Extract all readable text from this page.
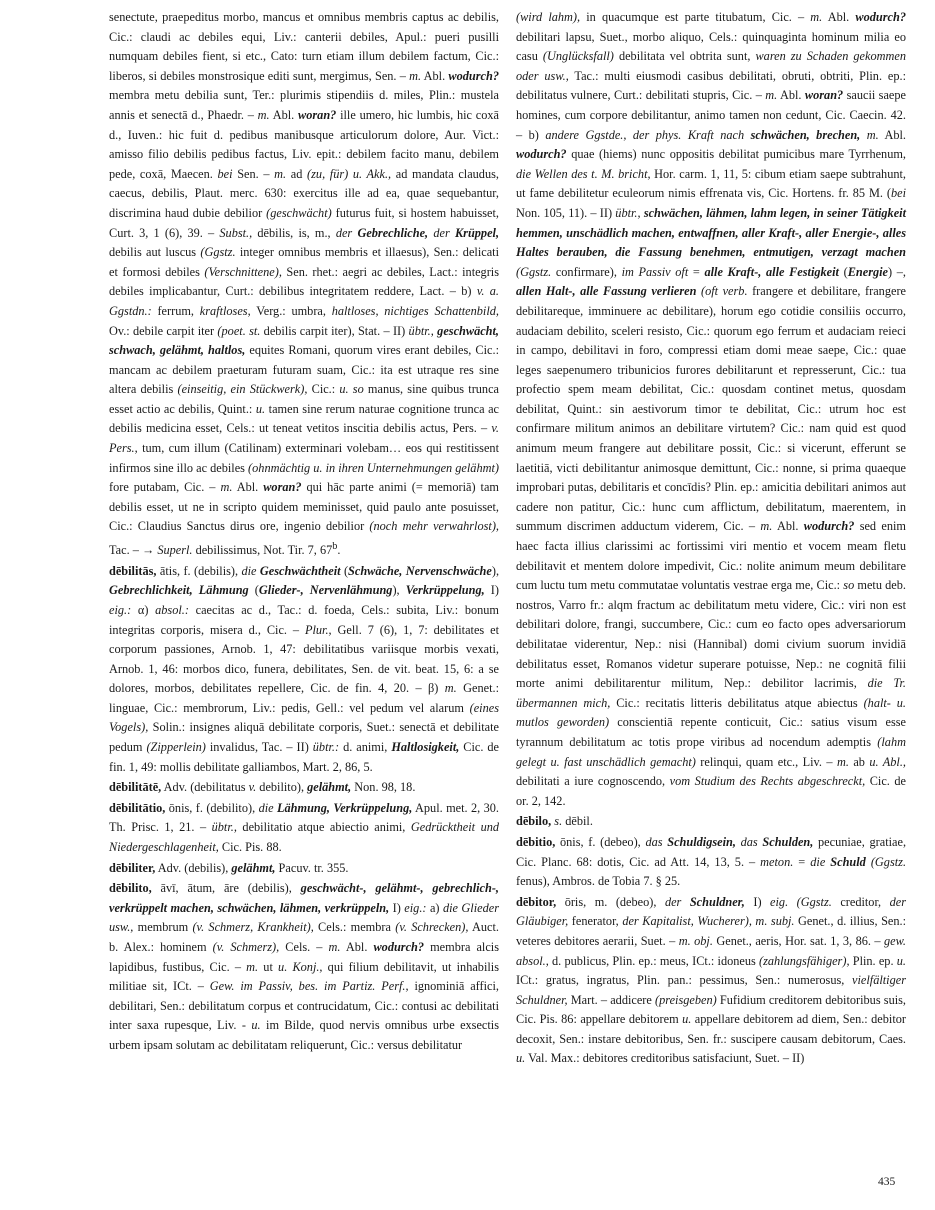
senectute, praepeditus morbo, mancus et omnibus membris captus ac debilis, Cic.: claudi ac debiles equi, Liv.: canterii debiles, Apul.: pueri pusilli numquam debiles fient, si etc., Cato: turn etiam illum debilem factum, Cic.: liberos, si debiles monstrosique editi sunt, mergimus, Sen. – m. Abl. wodurch? membra metu debilia sunt, Ter.: plurimis stipendiis d. miles, Plin.: mustela annis et senectā d., Phaedr. – m. Abl. woran? ille umero, hic lumbis, hic coxā d., Iuven.: hic fuit d. pedibus manibusque articulorum dolore, Aur. Vict.: amisso filio debilis pedibus factus, Liv. epit.: debilem facito manu, debilem pede, coxā, Maecen. bei Sen. – m. ad (zu, für) u. Akk., ad mandata claudus, caecus, debilis, Plaut. merc. 630: exercitus ille ad ea, quae sequebantur, discrimina haud dubie debilior (geschwächt) futurus fuit, si hostem habuisset, Curt. 3, 1 (6), 39. – Subst., dēbilis, is, m., der Gebrechliche, der Krüppel, debilis aut luscus (Ggstz. integer omnibus membris et illaesus), Sen.: delicati et formosi debiles (Verschnittene), Sen. rhet.: aegri ac debiles, Lact.: integris debiles implicabantur, Curt.: debilibus integritatem reddere, Lact. – b) v. a. Ggstdn.: ferrum, kraftloses, Verg.: umbra, haltloses, nichtiges Schattenbild, Ov.: debile carpit iter (poet. st. debilis carpit iter), Stat. – II) übtr., geschwächt, schwach, gelähmt, haltlos, equites Romani, quorum vires erant debiles, Cic.: mancam ac debilem praeturam futuram suam, Cic.: ita est utraque res sine altera debilis (einseitig, ein Stückwerk), Cic.: u. so manus, sine quibus trunca esset actio ac debilis, Quint.: u. tamen sine rerum naturae cognitione trunca ac debilis medicina esset, Cels.: ut teneat vetitos inscitia debilis actus, Pers. – v. Pers., tum, cum illum (Catilinam) exterminari volebam… eos qui restitissent infirmos sine illo ac debiles (ohnmächtig u. in ihren Unternehmungen gelähmt) fore putabam, Cic. – m. Abl. woran? qui hāc parte animi (= memoriā) tam debilis esset, ut ne in scripto quidem meminisset, quid paulo ante posuisset, Cic.: Claudius Sanctus dirus ore, ingenio debilior (noch mehr verwahrlost), Tac. – → Superl. debilissimus, Not. Tir. 7, 67$^b$.
dēbilitās, ātis, f. (debilis), die Geschwächtheit (Schwäche, Nervenschwäche), Gebrechlichkeit, Lähmung (Glieder-, Nervenlähmung), Verkrüppelung, I) eig.: α) absol.: caecitas ac d., Tac.: d. foeda, Cels.: subita, Liv.: bonum integritas corporis, misera d., Cic. – Plur., Gell. 7 (6), 1, 7: debilitates et corporum passiones, Arnob. 1, 47: debilitatibus variisque morbis vexati, Arnob. 1, 46: morbos dico, funera, debilitates, Sen. de vit. beat. 15, 6: a se dolores, morbos, debilitates repellere, Cic. de fin. 4, 20. – β) m. Genet.: linguae, Cic.: membrorum, Liv.: pedis, Gell.: vel pedum vel alarum (eines Vogels), Solin.: insignes aliquā debilitate corporis, Suet.: senectā et debilitate pedum (Zipperlein) invalidus, Tac. – II) übtr.: d. animi, Haltlosigkeit, Cic. de fin. 1, 49: mollis debilitate galliambos, Mart. 2, 86, 5.
dēbilitātē, Adv. (debilitatus v. debilito), gelähmt, Non. 98, 18.
dēbilitātio, ōnis, f. (debilito), die Lähmung, Verkrüppelung, Apul. met. 2, 30. Th. Prisc. 1, 21. – übtr., debilitatio atque abiectio animi, Gedrücktheit und Niedergeschlagenheit, Cic. Pis. 88.
dēbiliter, Adv. (debilis), gelähmt, Pacuv. tr. 355.
dēbilito, āvī, ātum, āre (debilis), geschwächt-, gelähmt-, gebrechlich-, verkrüppelt machen, schwächen, lähmen, verkrüppeln, I) eig.: a) die Glieder usw., membrum (v. Schmerz, Krankheit), Cels.: membra (v. Schrecken), Auct. b. Alex.: hominem (v. Schmerz), Cels. – m. Abl. wodurch? membra alcis lapidibus, fustibus, Cic. – m. ut u. Konj., qui filium debilitavit, ut inhabilis militiae sit, ICt. – Gew. im Passiv, bes. im Partiz. Perf., ignominiā affici, debilitari, Sen.: debilitatum corpus et contrucidatum, Cic.: contusi ac debilitati inter saxa rupesque, Liv. - u. im Bilde, quod nervis omnibus urbe exsectis urbem ipsam solutam ac debilitatam reliquerunt, Cic.: versus debilitatur
(wird lahm), in quacumque est parte titubatum, Cic. – m. Abl. wodurch? debilitari lapsu, Suet., morbo aliquo, Cels.: quinquaginta hominum milia eo casu (Unglücksfall) debilitata vel obtrita sunt, waren zu Schaden gekommen oder usw., Tac.: multi eiusmodi casibus debilitati, obruti, obtriti, Plin. ep.: debilitatus vulnere, Curt.: debilitati stupris, Cic. – m. Abl. woran? saucii saepe homines, cum corpore debilitantur, animo tamen non cedunt, Cic. Caecin. 42. – b) andere Ggstde., der phys. Kraft nach schwächen, brechen, m. Abl. wodurch? quae (hiems) nunc oppositis debilitat pumicibus mare Tyrrhenum, die Wellen des t. M. bricht, Hor. carm. 1, 11, 5: cibum etiam saepe subtrahunt, ut fame debilitetur eculeorum nimis effrenata vis, Cic. Hortens. fr. 85 M. (bei Non. 105, 11). – II) übtr., schwächen, lähmen, lahm legen, in seiner Tätigkeit hemmen, unschädlich machen, entwaffnen, aller Kraft-, aller Energie-, alles Haltes berauben, die Fassung benehmen, entmutigen, verzagt machen (Ggstz. confirmare), im Passiv oft = alle Kraft-, alle Festigkeit (Energie) –, allen Halt-, alle Fassung verlieren (oft verb. frangere et debilitare, frangere debilitareque, imminuere ac debilitare), horum ego cotidie consiliis occurro, audaciam debilito, sceleri resisto, Cic.: quorum ego ferrum et audaciam reieci in campo, debilitavi in foro, compressi etiam domi meae saepe, Cic.: quae leges saepenumero tribunicios furores debilitarunt et represserunt, Cic.: tua profectio spem meam debilitat, Cic.: quosdam continet metus, quosdam debilitat, Quint.: sin aestivorum timor te debilitat, Cic.: utrum hoc est confirmare militum animos an debilitare virtutem? Cic.: nam quid est quod animum meum frangere aut debilitare possit, Cic.: si vicerunt, efferunt se laetitiā, victi debilitantur animosque demittunt, Cic.: nonne, si prima quaeque improbari putas, debilitaris et concīdis? Plin. ep.: amicitia debilitari animos aut cadere non patitur, Cic.: hunc cum afflictum, debilitatum, maerentem, in summum discrimen adductum viderem, Cic. – m. Abl. wodurch? sed enim haec facta illius clarissimi ac fortissimi viri mentio et vocem meam fletu debilitavit et mentem dolore impedivit, Cic.: nolite animum meum debilitare cum luctu tum metu commutatae voluntatis vestrae erga me, Cic.: so metu deb. nostros, Varro fr.: alqm fractum ac debilitatum metu videre, Cic.: viri non est debilitari dolore, frangi, succumbere, Cic.: cum eo facto opes adversariorum debilitatae viderentur, Nep.: nisi (Hannibal) domi civium suorum invidiā debilitatus esset, Romanos videtur superare potuisse, Nep.: ne cognitā filii morte animi debilitarentur militum, Nep.: debilitor lacrimis, die Tr. übermannen mich, Cic.: recitatis litteris debilitatus atque abiectus (halt- u. mutlos geworden) conscientiā repente conticuit, Cic.: satius visum esse tyrannum debilitatum ac totis prope viribus ad nocendum ademptis (lahm gelegt u. fast unschädlich gemacht) relinqui, quam etc., Liv. – m. ab u. Abl., debilitati a iure cognoscendo, vom Studium des Rechts abgeschreckt, Cic. de or. 2, 142.
dēbilo, s. dēbil.
dēbitio, ōnis, f. (debeo), das Schuldigsein, das Schulden, pecuniae, gratiae, Cic. Planc. 68: dotis, Cic. ad Att. 14, 13, 5. – meton. = die Schuld (Ggstz. fenus), Ambros. de Tobia 7. § 25.
dēbitor, ōris, m. (debeo), der Schuldner, I) eig. (Ggstz. creditor, der Gläubiger, fenerator, der Kapitalist, Wucherer), m. subj. Genet., d. illius, Sen.: veteres debitores aerarii, Suet. – m. obj. Genet., aeris, Hor. sat. 1, 3, 86. – gew. absol., d. publicus, Plin. ep.: meus, ICt.: idoneus (zahlungsfähiger), Plin. ep. u. ICt.: gratus, ingratus, Plin. pan.: pessimus, Sen.: numerosus, vielfältiger Schuldner, Mart. – addicere (preisgeben) Fufidium creditorem debitoribus suis, Cic. Pis. 86: appellare debitorem u. appellare debitorem ad diem, Sen.: debitor decoxit, Sen.: instare debitoribus, Sen. fr.: suscipere causam debitorum, Caes. u. Val. Max.: debitores creditoribus satisfaciunt, Suet. – II)
435
